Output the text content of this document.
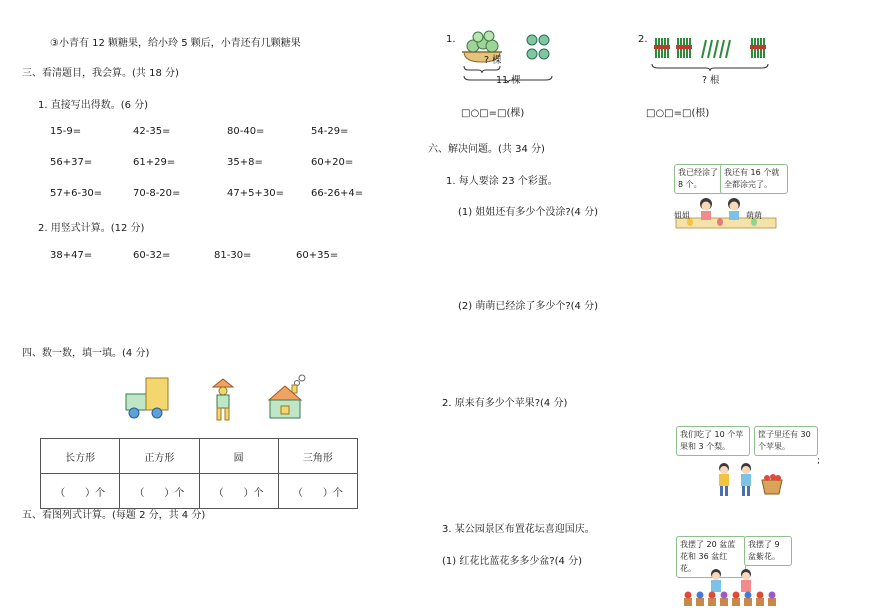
③小青有 12 颗糖果，给小玲 5 颗后，小青还有几颗糖果
三、看清题目，我会算。(共 18 分)
1. 直接写出得数。(6 分)
15-9=	42-35=	80-40=	54-29=
56+37=	61+29=	35+8=	60+20=
57+6-30=	70-8-20=	47+5+30=	66-26+4=
2. 用竖式计算。(12 分)
38+47=	60-32=	81-30=	60+35=
四、数一数，填一填。(4 分)
长方形	正方形	圆	三角形
（　　）个	（　　）个	（　　）个	（　　）个
五、看图列式计算。(每题 2 分，共 4 分)
1.
? 棵
11 棵
□○□=□(棵)
2.
? 根
□○□=□(根)
六、解决问题。(共 34 分)
1. 每人要涂 23 个彩蛋。
(1) 姐姐还有多少个没涂?(4 分)
(2) 萌萌已经涂了多少个?(4 分)
我已经涂了 8 个。
我还有 16 个就全都涂完了。
姐姐	萌萌
2. 原来有多少个苹果?(4 分)
我们吃了 10 个苹果和 3 个梨。
筐子里还有 30 个苹果。
;
3. 某公园景区布置花坛喜迎国庆。
(1) 红花比蓝花多多少盆?(4 分)
我摆了 20 盆蓝花和 36 盆红花。
我摆了 9 盆紫花。
